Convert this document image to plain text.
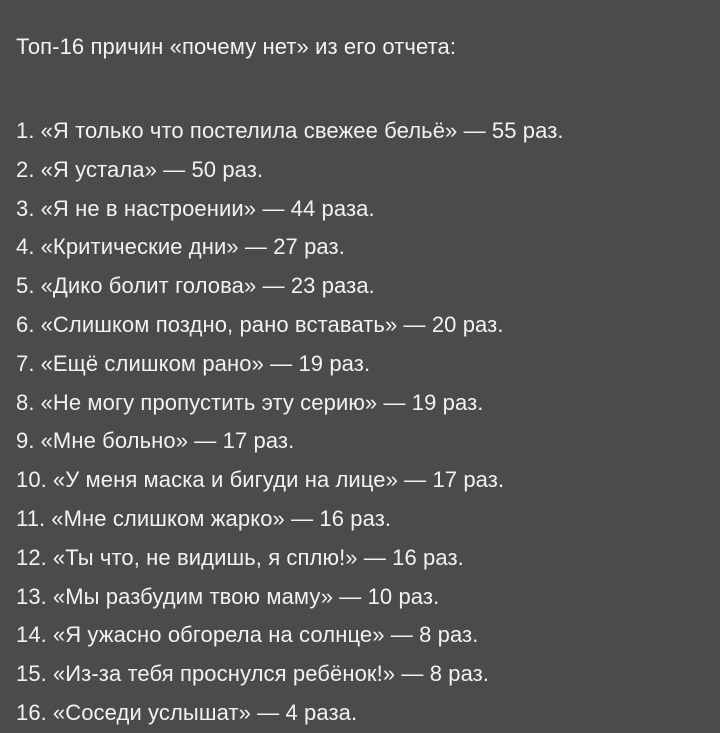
Топ-16 причин «почему нет» из его отчета:
1. «Я только что постелила свежее бельё» — 55 раз.
2. «Я устала» — 50 раз.
3. «Я не в настроении» — 44 раза.
4. «Критические дни» — 27 раз.
5. «Дико болит голова» — 23 раза.
6. «Слишком поздно, рано вставать» — 20 раз.
7. «Ещё слишком рано» — 19 раз.
8. «Не могу пропустить эту серию» — 19 раз.
9. «Мне больно» — 17 раз.
10. «У меня маска и бигуди на лице» — 17 раз.
11. «Мне слишком жарко» — 16 раз.
12. «Ты что, не видишь, я сплю!» — 16 раз.
13. «Мы разбудим твою маму» — 10 раз.
14. «Я ужасно обгорела на солнце» — 8 раз.
15. «Из-за тебя проснулся ребёнок!» — 8 раз.
16. «Соседи услышат» — 4 раза.
